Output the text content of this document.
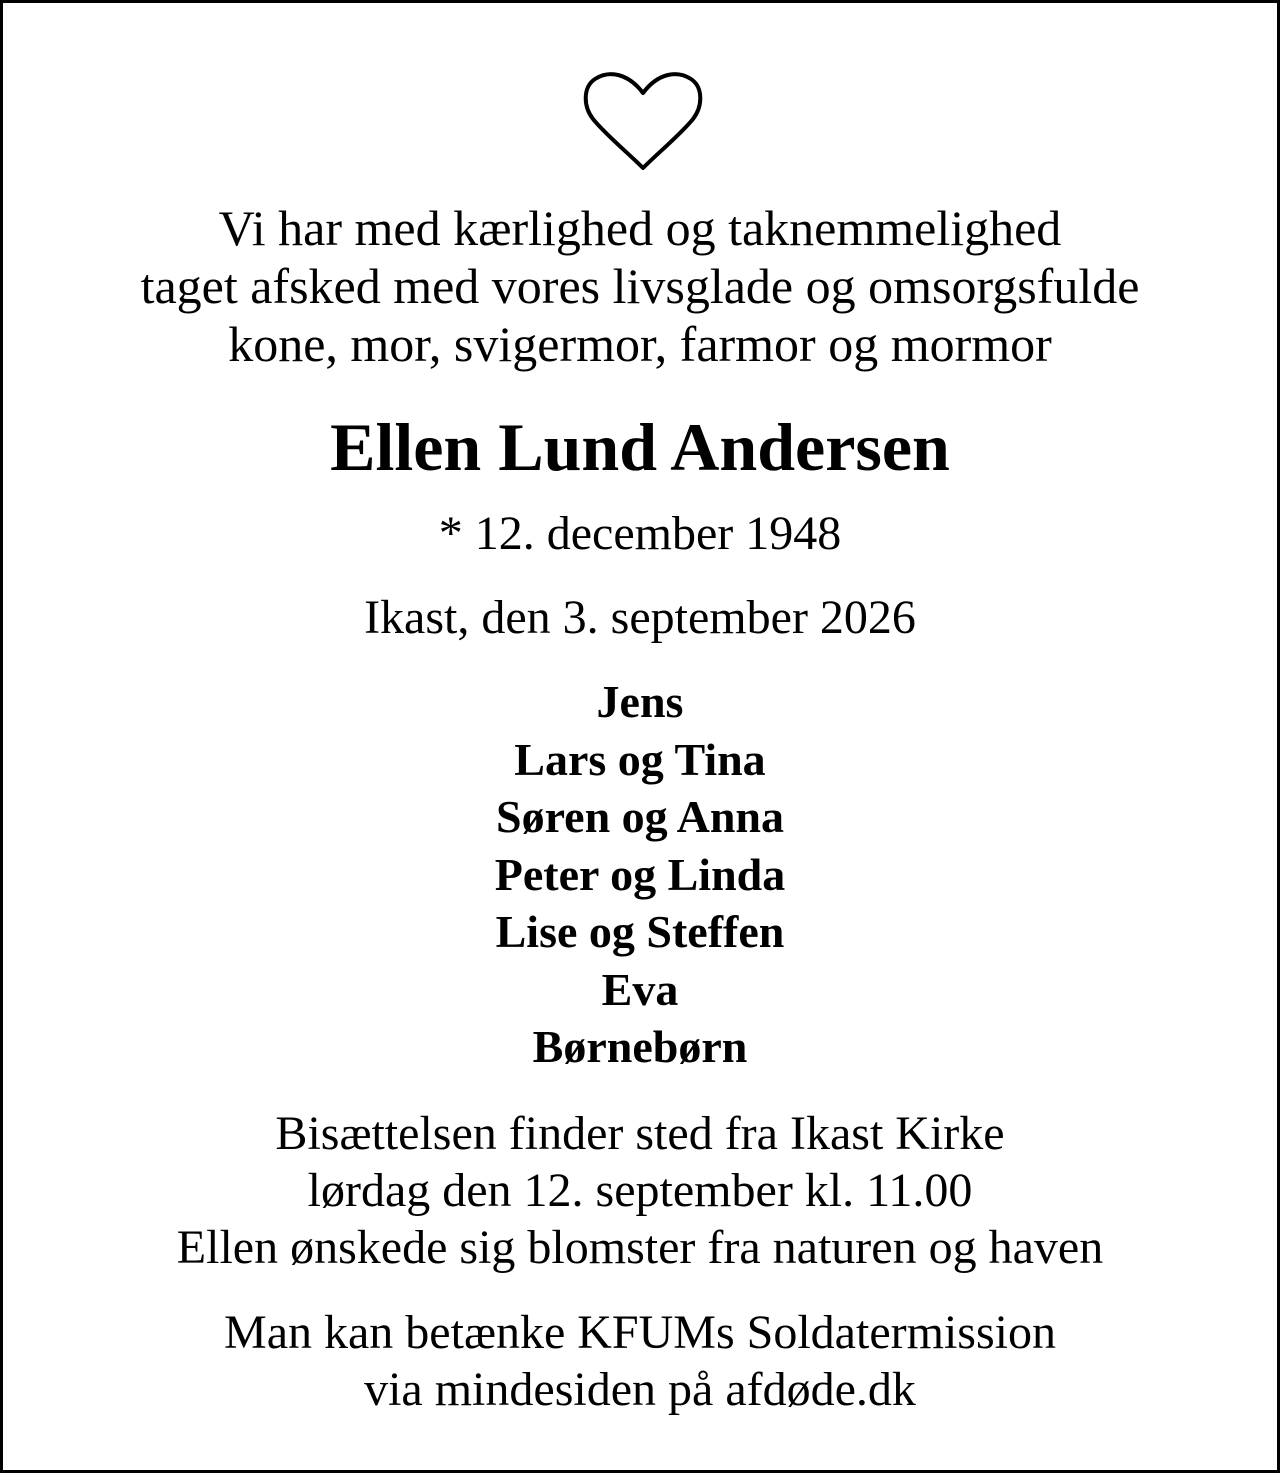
Vi har med kærlighed og taknemmelighed
taget afsked med vores livsglade og omsorgsfulde
kone, mor, svigermor, farmor og mormor
Ellen Lund Andersen
* 12. december 1948
Ikast, den 3. september 2026
Jens
Lars og Tina
Søren og Anna
Peter og Linda
Lise og Steffen
Eva
Børnebørn
Bisættelsen finder sted fra Ikast Kirke
lørdag den 12. september kl. 11.00
Ellen ønskede sig blomster fra naturen og haven
Man kan betænke KFUMs Soldatermission
via mindesiden på afdøde.dk
